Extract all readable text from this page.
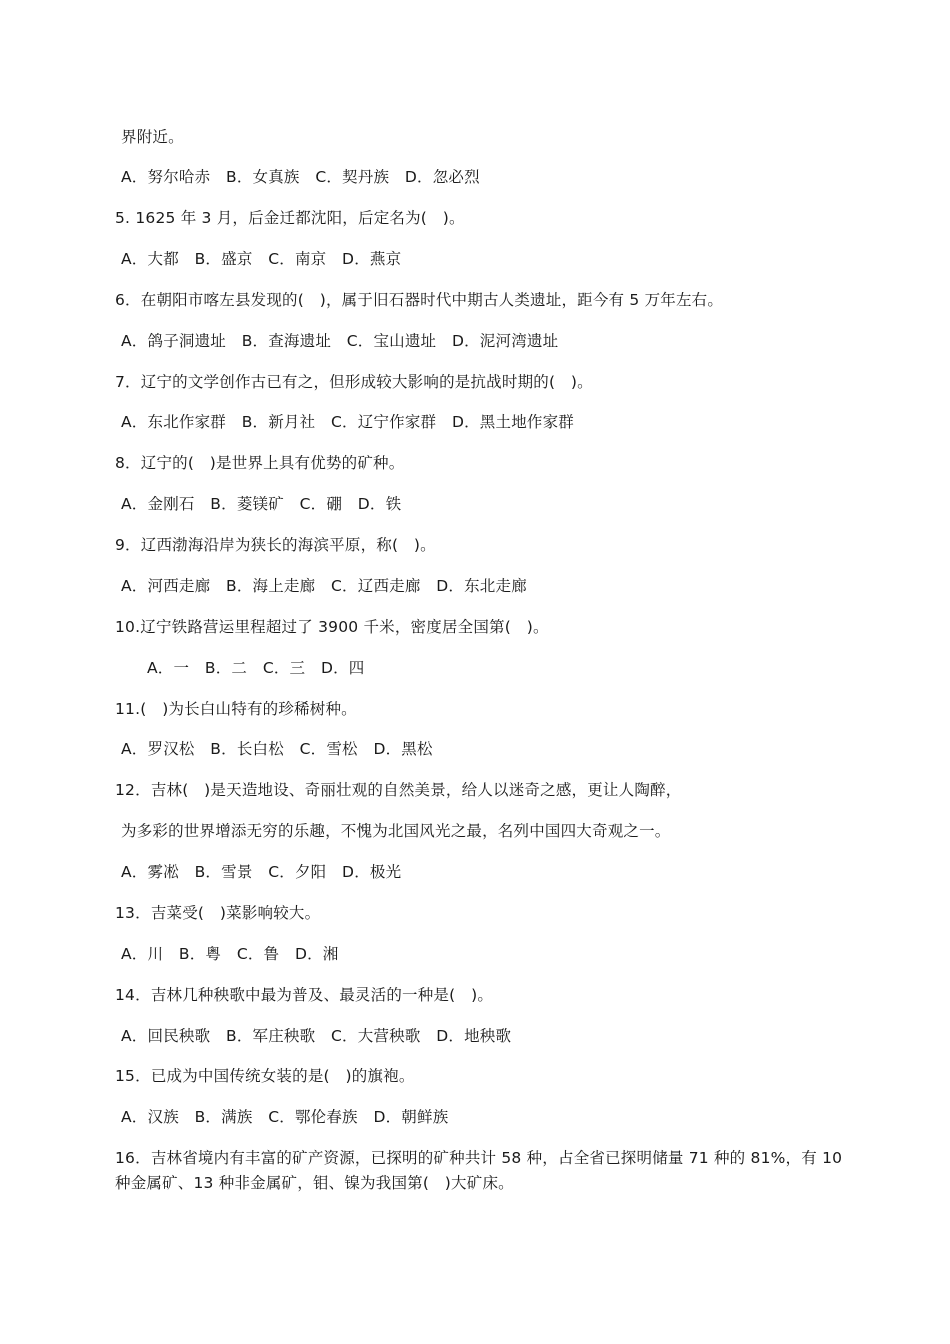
界附近。
A．努尔哈赤　B．女真族　C．契丹族　D．忽必烈
5. 1625 年 3 月，后金迁都沈阳，后定名为(　)。
A．大都　B．盛京　C．南京　D．燕京
6．在朝阳市喀左县发现的(　)，属于旧石器时代中期古人类遗址，距今有 5 万年左右。
A．鸽子洞遗址　B．查海遗址　C．宝山遗址　D．泥河湾遗址
7．辽宁的文学创作古已有之，但形成较大影响的是抗战时期的(　)。
A．东北作家群　B．新月社　C．辽宁作家群　D．黑土地作家群
8．辽宁的(　)是世界上具有优势的矿种。
A．金刚石　B．菱镁矿　C．硼　D．铁
9．辽西渤海沿岸为狭长的海滨平原，称(　)。
A．河西走廊　B．海上走廊　C．辽西走廊　D．东北走廊
10.辽宁铁路营运里程超过了 3900 千米，密度居全国第(　)。
A．一　B．二　C．三　D．四
11.(　)为长白山特有的珍稀树种。
A．罗汉松　B．长白松　C．雪松　D．黑松
12．吉林(　)是天造地设、奇丽壮观的自然美景，给人以迷奇之感，更让人陶醉，
为多彩的世界增添无穷的乐趣，不愧为北国风光之最，名列中国四大奇观之一。
A．雾凇　B．雪景　C．夕阳　D．极光
13．吉菜受(　)菜影响较大。
A．川　B．粤　C．鲁　D．湘
14．吉林几种秧歌中最为普及、最灵活的一种是(　)。
A．回民秧歌　B．军庄秧歌　C．大营秧歌　D．地秧歌
15．已成为中国传统女装的是(　)的旗袍。
A．汉族　B．满族　C．鄂伦春族　D．朝鲜族
16．吉林省境内有丰富的矿产资源，已探明的矿种共计 58 种，占全省已探明储量 71 种的 81%，有 10
种金属矿、13 种非金属矿，钼、镍为我国第(　)大矿床。
